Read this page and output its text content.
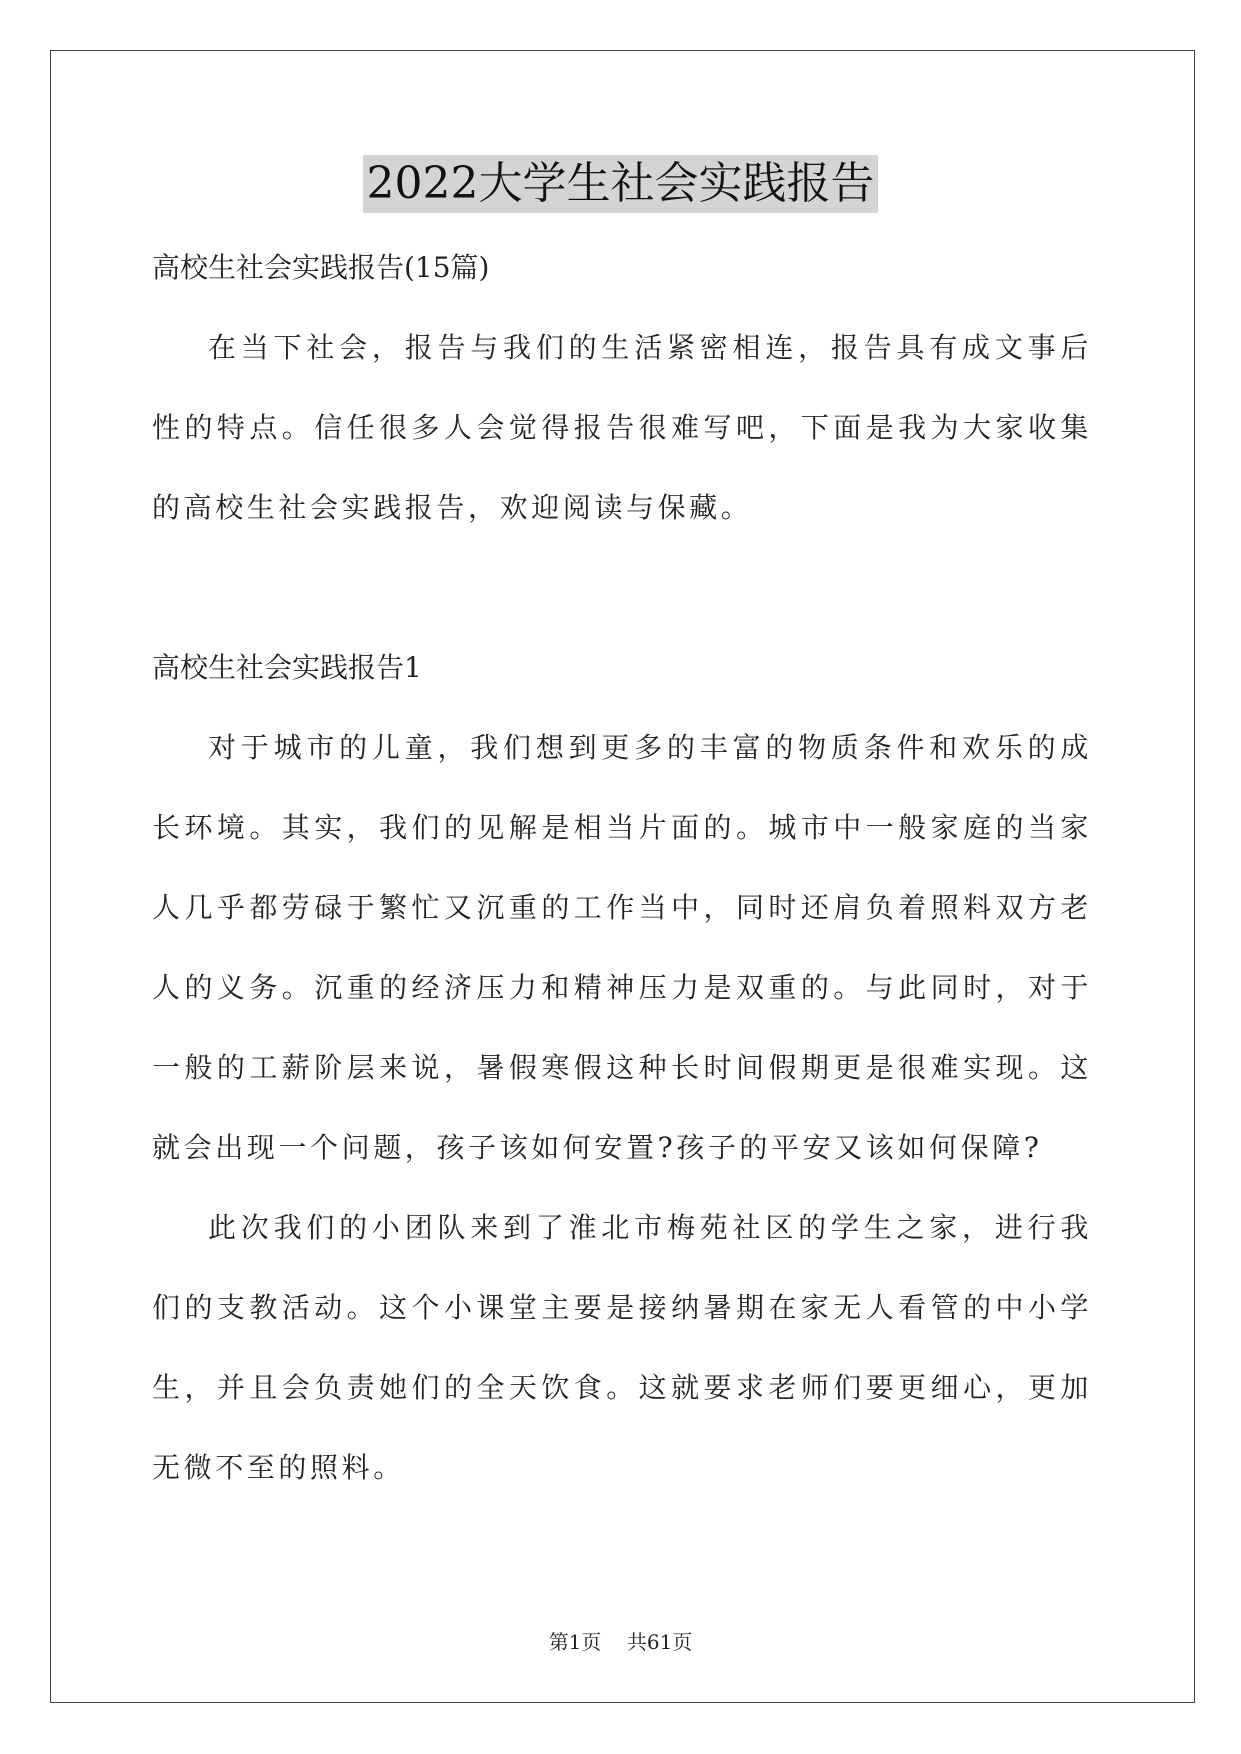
2022大学生社会实践报告

高校生社会实践报告(15篇)

在当下社会，报告与我们的生活紧密相连，报告具有成文事后性的特点。信任很多人会觉得报告很难写吧，下面是我为大家收集的高校生社会实践报告，欢迎阅读与保藏。

高校生社会实践报告1

对于城市的儿童，我们想到更多的丰富的物质条件和欢乐的成长环境。其实，我们的见解是相当片面的。城市中一般家庭的当家人几乎都劳碌于繁忙又沉重的工作当中，同时还肩负着照料双方老人的义务。沉重的经济压力和精神压力是双重的。与此同时，对于一般的工薪阶层来说，暑假寒假这种长时间假期更是很难实现。这就会出现一个问题，孩子该如何安置?孩子的平安又该如何保障?

此次我们的小团队来到了淮北市梅苑社区的学生之家，进行我们的支教活动。这个小课堂主要是接纳暑期在家无人看管的中小学生，并且会负责她们的全天饮食。这就要求老师们要更细心，更加无微不至的照料。

第1页 共61页
